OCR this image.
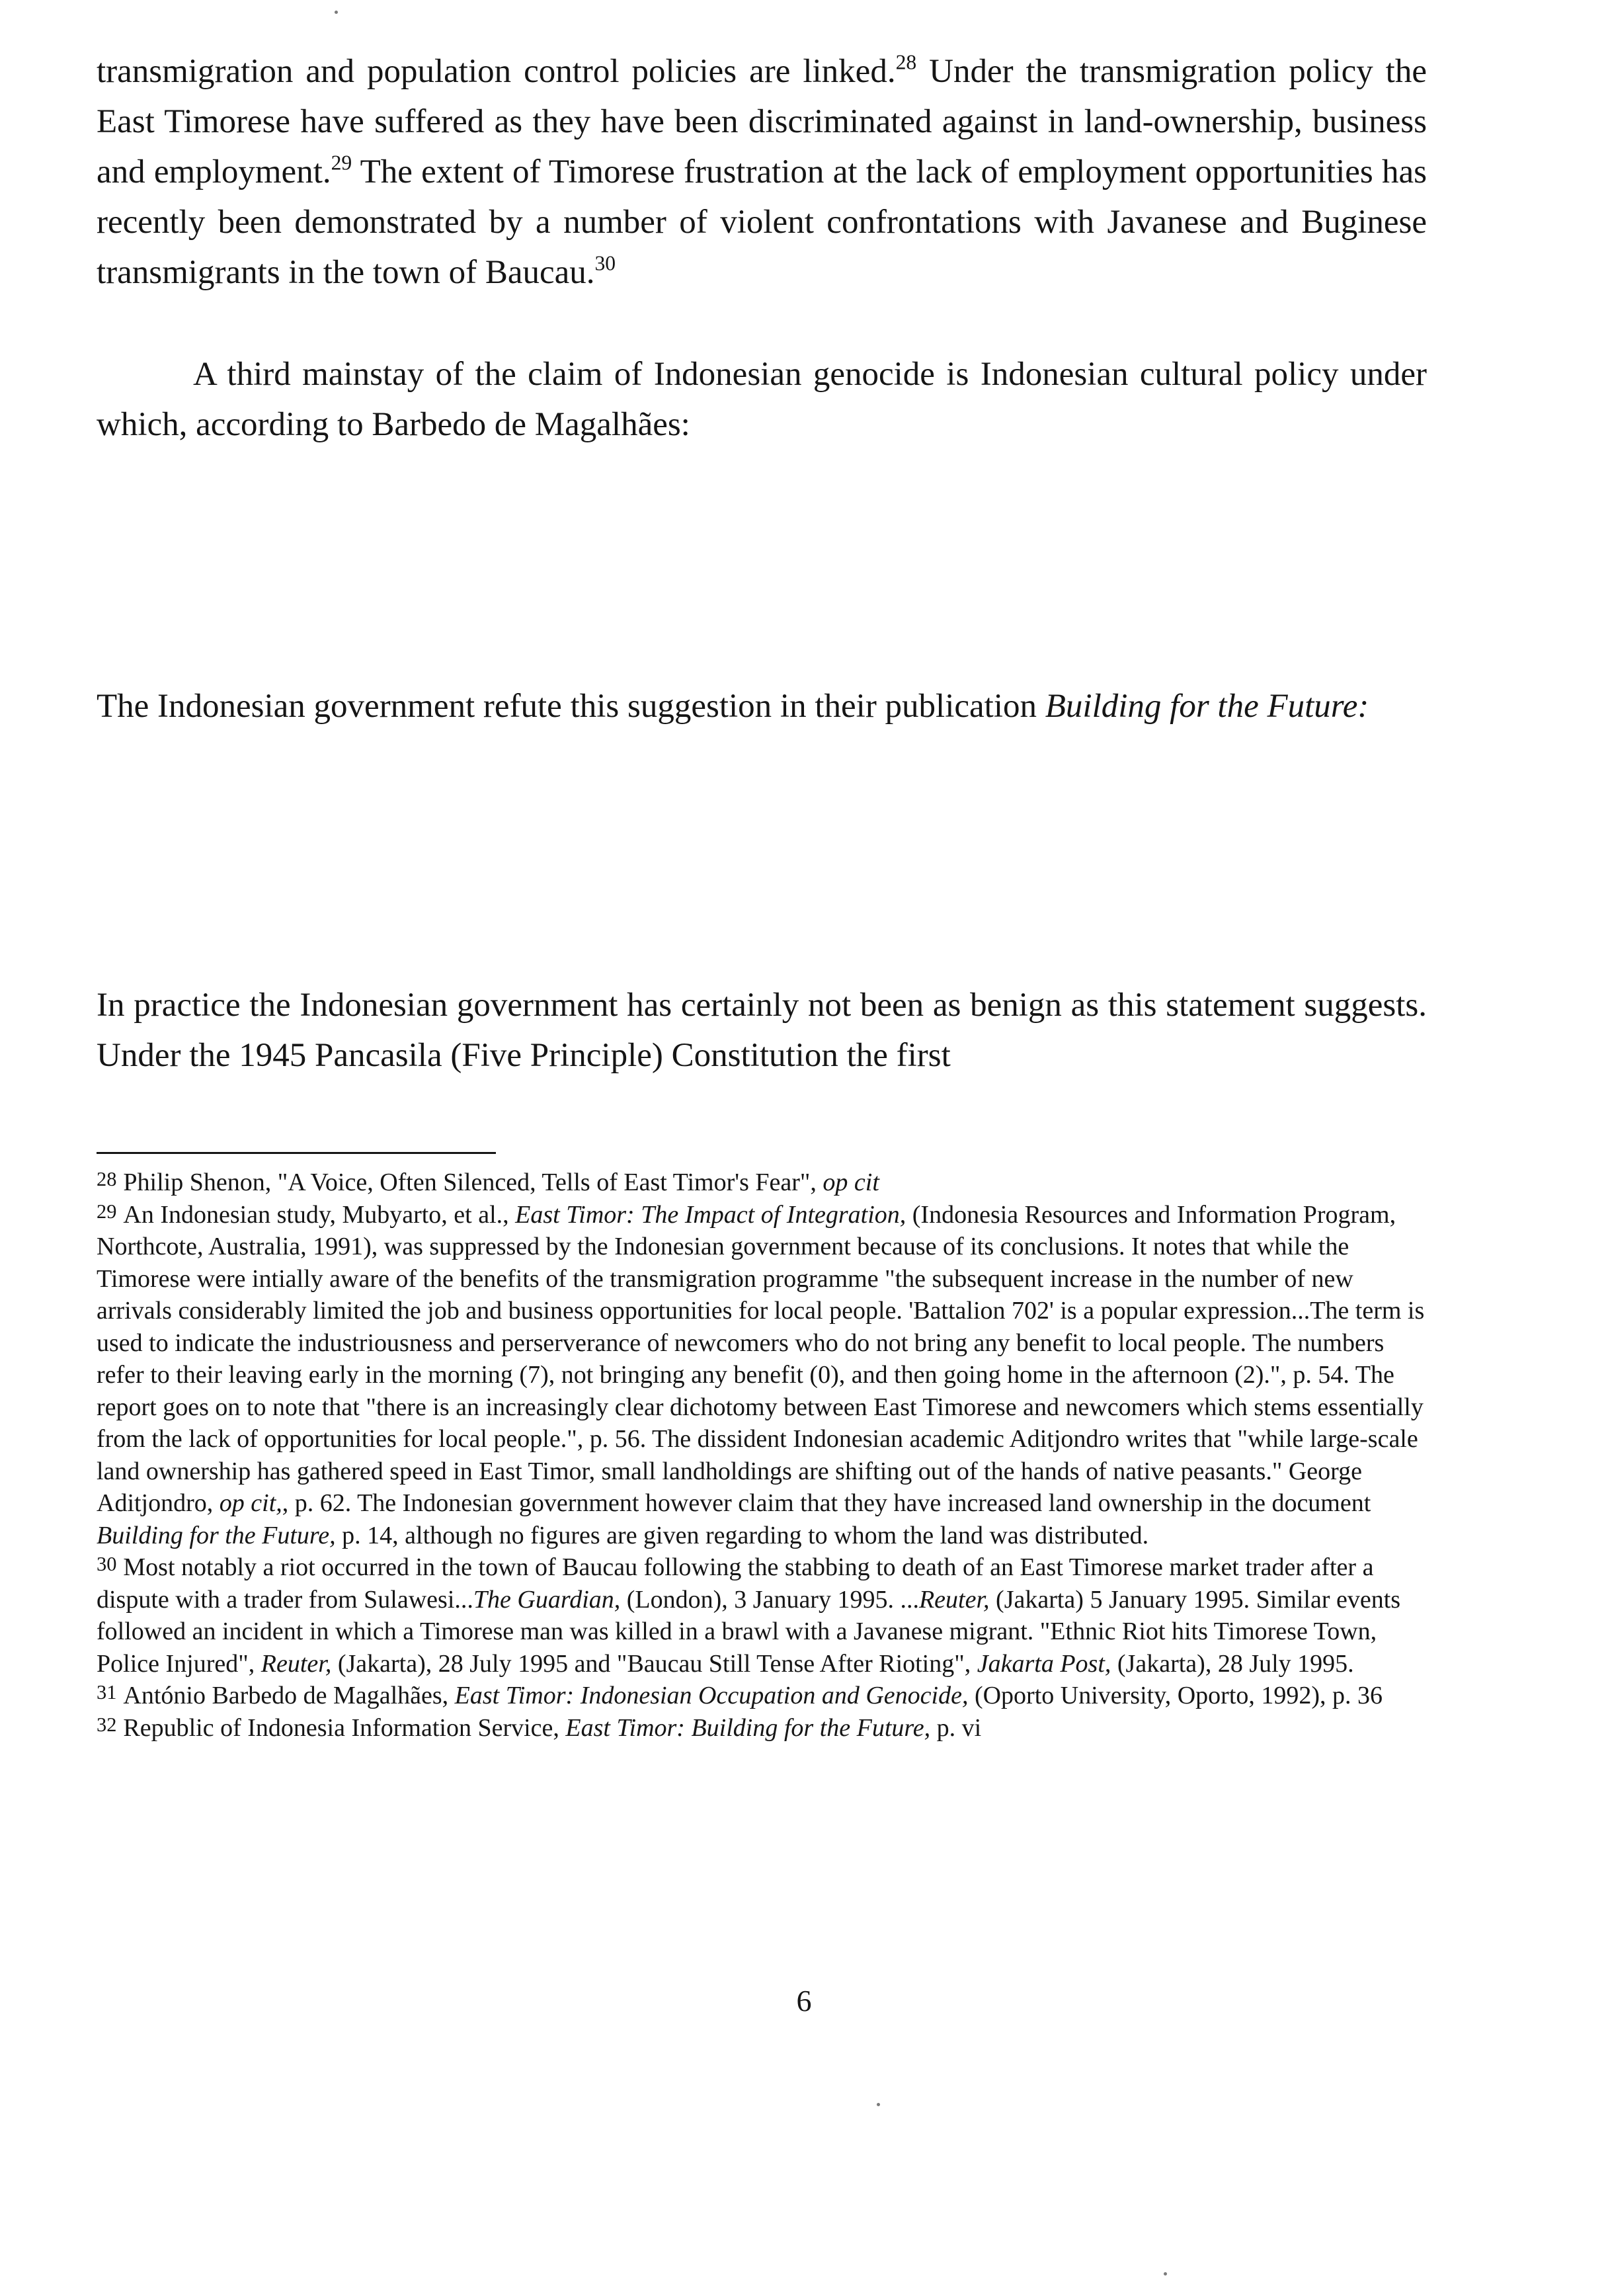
transmigration and population control policies are linked.$^{28}$ Under the transmigration policy the East Timorese have suffered as they have been discriminated against in land-ownership, business and employment.$^{29}$ The extent of Timorese frustration at the lack of employment opportunities has recently been demonstrated by a number of violent confrontations with Javanese and Buginese transmigrants in the town of Baucau.$^{30}$

A third mainstay of the claim of Indonesian genocide is Indonesian cultural policy under which, according to Barbedo de Magalhães:

The Indonesian government refute this suggestion in their publication Building for the Future:

In practice the Indonesian government has certainly not been as benign as this statement suggests. Under the 1945 Pancasila (Five Principle) Constitution the first

28 Philip Shenon, "A Voice, Often Silenced, Tells of East Timor's Fear", op cit
29 An Indonesian study, Mubyarto, et al., East Timor: The Impact of Integration, (Indonesia Resources and Information Program, Northcote, Australia, 1991), was suppressed by the Indonesian government because of its conclusions. It notes that while the Timorese were intially aware of the benefits of the transmigration programme "the subsequent increase in the number of new arrivals considerably limited the job and business opportunities for local people. 'Battalion 702' is a popular expression...The term is used to indicate the industriousness and perserverance of newcomers who do not bring any benefit to local people. The numbers refer to their leaving early in the morning (7), not bringing any benefit (0), and then going home in the afternoon (2).", p. 54. The report goes on to note that "there is an increasingly clear dichotomy between East Timorese and newcomers which stems essentially from the lack of opportunities for local people.", p. 56. The dissident Indonesian academic Aditjondro writes that "while large-scale land ownership has gathered speed in East Timor, small landholdings are shifting out of the hands of native peasants." George Aditjondro, op cit,, p. 62. The Indonesian government however claim that they have increased land ownership in the document Building for the Future, p. 14, although no figures are given regarding to whom the land was distributed.
30 Most notably a riot occurred in the town of Baucau following the stabbing to death of an East Timorese market trader after a dispute with a trader from Sulawesi...The Guardian, (London), 3 January 1995. ...Reuter, (Jakarta) 5 January 1995. Similar events followed an incident in which a Timorese man was killed in a brawl with a Javanese migrant. "Ethnic Riot hits Timorese Town, Police Injured", Reuter, (Jakarta), 28 July 1995 and "Baucau Still Tense After Rioting", Jakarta Post, (Jakarta), 28 July 1995.
31 António Barbedo de Magalhães, East Timor: Indonesian Occupation and Genocide, (Oporto University, Oporto, 1992), p. 36
32 Republic of Indonesia Information Service, East Timor: Building for the Future, p. vi
6
